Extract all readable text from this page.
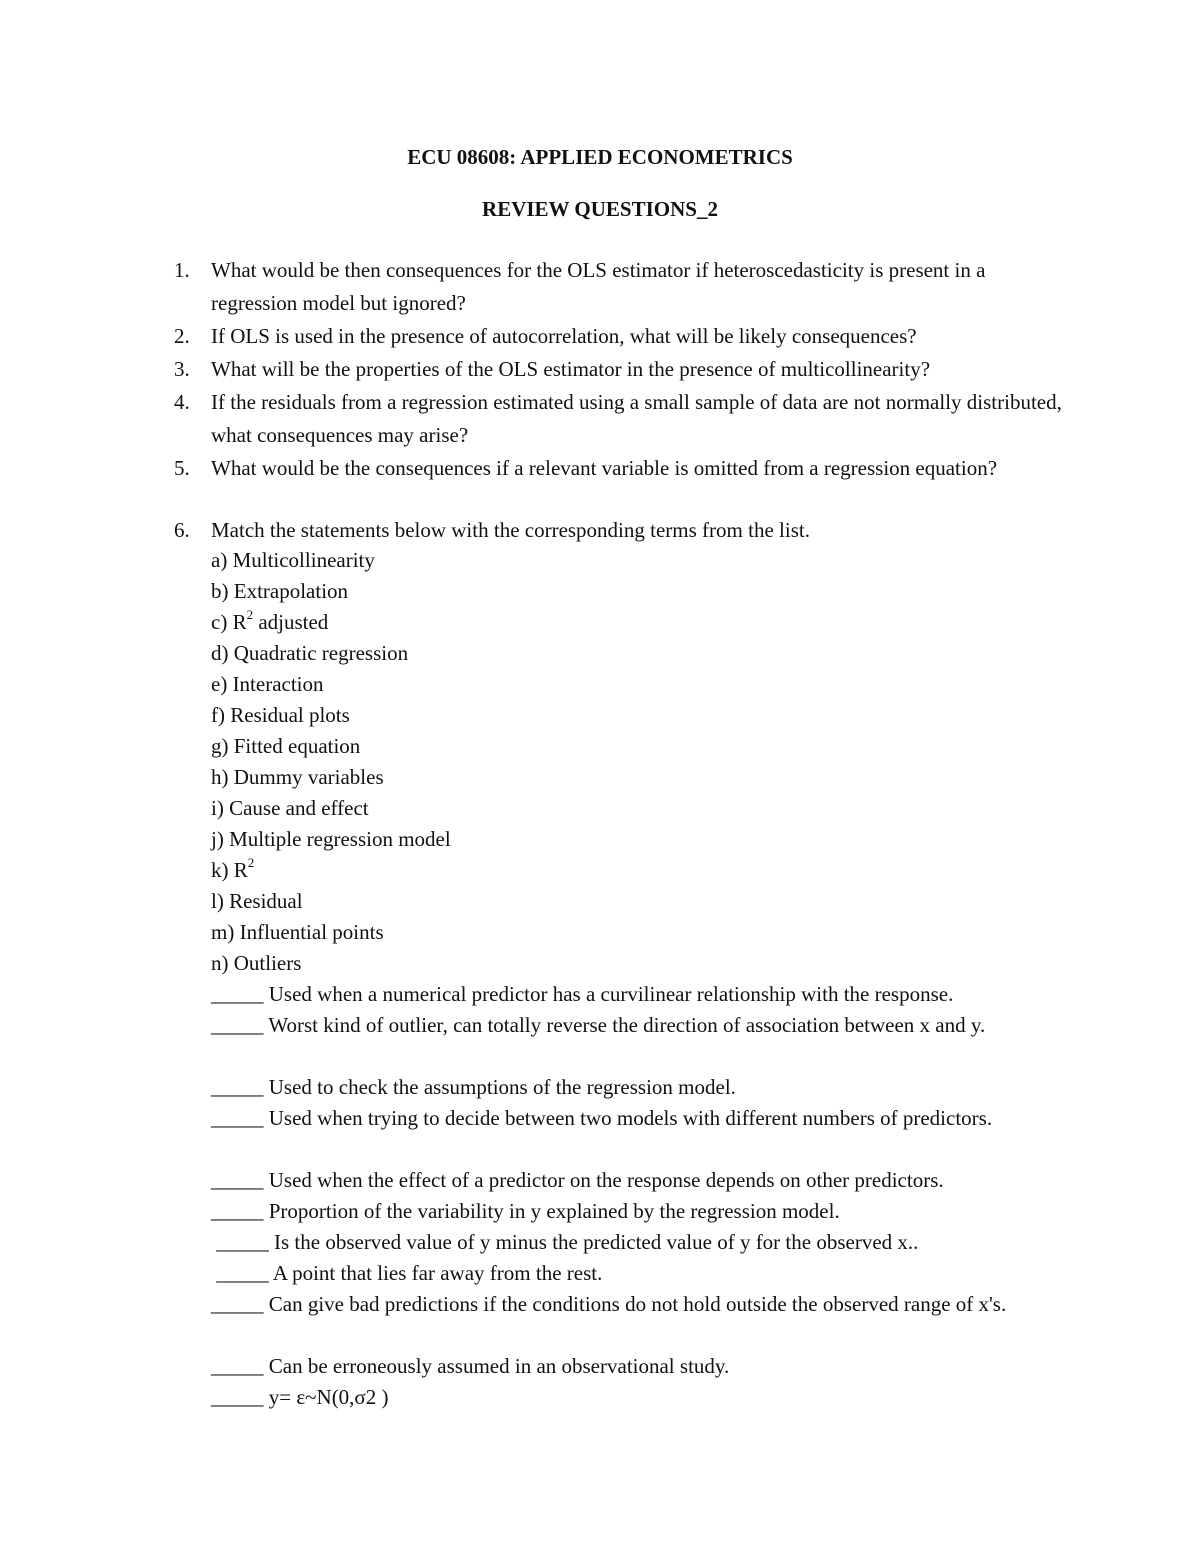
ECU 08608: APPLIED ECONOMETRICS
REVIEW QUESTIONS_2
1. What would be then consequences for the OLS estimator if heteroscedasticity is present in a regression model but ignored?
2. If OLS is used in the presence of autocorrelation, what will be likely consequences?
3. What will be the properties of the OLS estimator in the presence of multicollinearity?
4. If the residuals from a regression estimated using a small sample of data are not normally distributed, what consequences may arise?
5. What would be the consequences if a relevant variable is omitted from a regression equation?
6. Match the statements below with the corresponding terms from the list.
a) Multicollinearity
b) Extrapolation
c) $R^2$ adjusted
d) Quadratic regression
e) Interaction
f) Residual plots
g) Fitted equation
h) Dummy variables
i) Cause and effect
j) Multiple regression model
k) $R^2$
l) Residual
m) Influential points
n) Outliers
_____ Used when a numerical predictor has a curvilinear relationship with the response.
_____ Worst kind of outlier, can totally reverse the direction of association between x and y.
_____ Used to check the assumptions of the regression model.
_____ Used when trying to decide between two models with different numbers of predictors.
_____ Used when the effect of a predictor on the response depends on other predictors.
_____ Proportion of the variability in y explained by the regression model.
_____ Is the observed value of y minus the predicted value of y for the observed x..
_____ A point that lies far away from the rest.
_____ Can give bad predictions if the conditions do not hold outside the observed range of x's.
_____ Can be erroneously assumed in an observational study.
_____ y= ε~N(0,σ2 )
